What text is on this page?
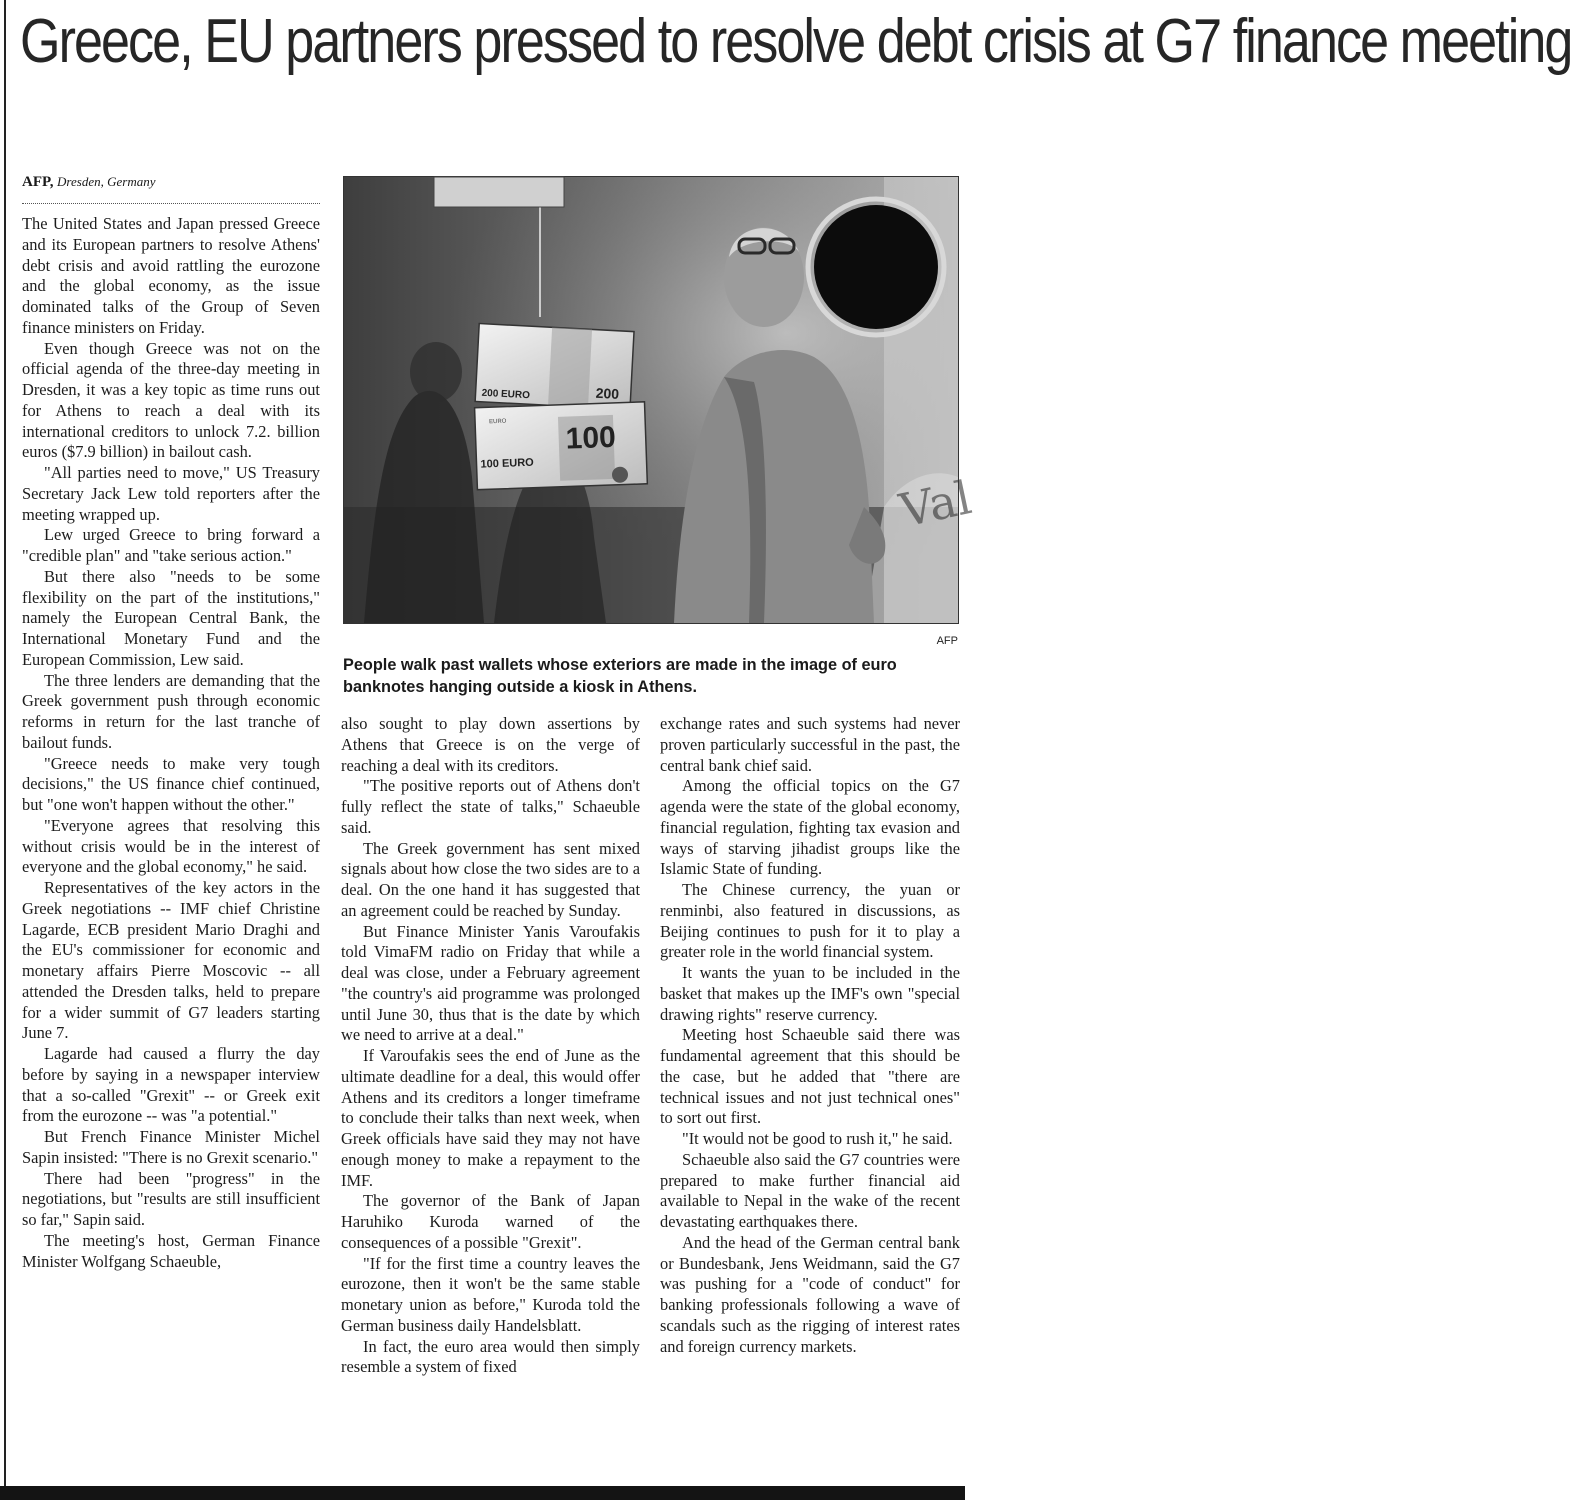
Greece, EU partners pressed to resolve debt crisis at G7 finance meeting
AFP, Dresden, Germany

The United States and Japan pressed Greece and its European partners to resolve Athens' debt crisis and avoid rattling the eurozone and the global economy, as the issue dominated talks of the Group of Seven finance ministers on Friday.

Even though Greece was not on the official agenda of the three-day meeting in Dresden, it was a key topic as time runs out for Athens to reach a deal with its international creditors to unlock 7.2. billion euros ($7.9 billion) in bailout cash.

"All parties need to move," US Treasury Secretary Jack Lew told reporters after the meeting wrapped up.

Lew urged Greece to bring forward a "credible plan" and "take serious action."

But there also "needs to be some flexibility on the part of the institutions," namely the European Central Bank, the International Monetary Fund and the European Commission, Lew said.

The three lenders are demanding that the Greek government push through economic reforms in return for the last tranche of bailout funds.

"Greece needs to make very tough decisions," the US finance chief continued, but "one won't happen without the other."

"Everyone agrees that resolving this without crisis would be in the interest of everyone and the global economy," he said.

Representatives of the key actors in the Greek negotiations -- IMF chief Christine Lagarde, ECB president Mario Draghi and the EU's commissioner for economic and monetary affairs Pierre Moscovic -- all attended the Dresden talks, held to prepare for a wider summit of G7 leaders starting June 7.

Lagarde had caused a flurry the day before by saying in a newspaper interview that a so-called "Grexit" -- or Greek exit from the eurozone -- was "a potential."

But French Finance Minister Michel Sapin insisted: "There is no Grexit scenario."

There had been "progress" in the negotiations, but "results are still insufficient so far," Sapin said.

The meeting's host, German Finance Minister Wolfgang Schaeuble,

Val
200 EURO	200
100
100 EURO
EURO
AFP

People walk past wallets whose exteriors are made in the image of euro banknotes hanging outside a kiosk in Athens.

also sought to play down assertions by Athens that Greece is on the verge of reaching a deal with its creditors.

"The positive reports out of Athens don't fully reflect the state of talks," Schaeuble said.

The Greek government has sent mixed signals about how close the two sides are to a deal. On the one hand it has suggested that an agreement could be reached by Sunday.

But Finance Minister Yanis Varoufakis told VimaFM radio on Friday that while a deal was close, under a February agreement "the country's aid programme was prolonged until June 30, thus that is the date by which we need to arrive at a deal."

If Varoufakis sees the end of June as the ultimate deadline for a deal, this would offer Athens and its creditors a longer timeframe to conclude their talks than next week, when Greek officials have said they may not have enough money to make a repayment to the IMF.

The governor of the Bank of Japan Haruhiko Kuroda warned of the consequences of a possible "Grexit".

"If for the first time a country leaves the eurozone, then it won't be the same stable monetary union as before," Kuroda told the German business daily Handelsblatt.

In fact, the euro area would then simply resemble a system of fixed

exchange rates and such systems had never proven particularly successful in the past, the central bank chief said.

Among the official topics on the G7 agenda were the state of the global economy, financial regulation, fighting tax evasion and ways of starving jihadist groups like the Islamic State of funding.

The Chinese currency, the yuan or renminbi, also featured in discussions, as Beijing continues to push for it to play a greater role in the world financial system.

It wants the yuan to be included in the basket that makes up the IMF's own "special drawing rights" reserve currency.

Meeting host Schaeuble said there was fundamental agreement that this should be the case, but he added that "there are technical issues and not just technical ones" to sort out first.

"It would not be good to rush it," he said.

Schaeuble also said the G7 countries were prepared to make further financial aid available to Nepal in the wake of the recent devastating earthquakes there.

And the head of the German central bank or Bundesbank, Jens Weidmann, said the G7 was pushing for a "code of conduct" for banking professionals following a wave of scandals such as the rigging of interest rates and foreign currency markets.
